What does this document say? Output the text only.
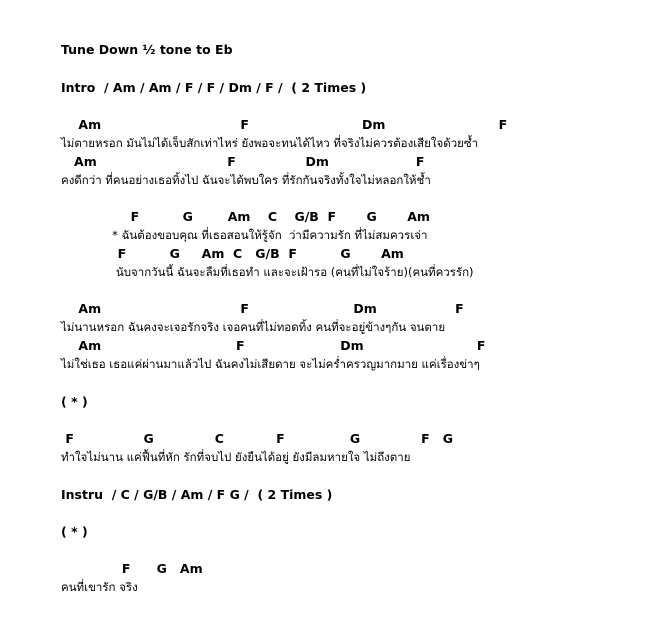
Tune Down ½ tone to Eb
Intro  / Am / Am / F / F / Dm / F /  ( 2 Times )
Am                                F                          Dm                          F
ไม่ตายหรอก มันไม่ได้เจ็บสักเท่าไหร่ ยังพอจะทนได้ไหว ที่จริงไม่ควรต้องเสียใจด้วยซ้ำ
Am                              F                Dm                    F
คงดีกว่า ที่คนอย่างเธอทิ้งไป ฉันจะได้พบใคร ที่รักกันจริงทั้งใจไม่หลอกให้ช้ำ
F          G        Am    C    G/B  F       G       Am
* ฉันต้องขอบคุณ ที่เธอสอนให้รู้จัก  ว่ามีความรัก ที่ไม่สมควรเจ่า
F          G     Am  C   G/B  F          G       Am
นับจากวันนี้ ฉันจะลืมที่เธอทำ และจะเฝ้ารอ (คนที่ไม่ใจร้าย)(คนที่ควรรัก)
Am                                F                        Dm                  F
ไม่นานหรอก ฉันคงจะเจอรักจริง เจอคนที่ไม่ทอดทิ้ง คนที่จะอยู่ข้างๆกัน จนตาย
Am                               F                      Dm                          F
ไม่ใช่เธอ เธอแค่ผ่านมาแล้วไป ฉันคงไม่เสียดาย จะไม่คร่ำครวญมากมาย แค่เรื่องข่าๆ
( * )
F                G              C            F               G              F   G
ทำใจไม่นาน แค่ฟื้นที่หัก รักที่จบไป ยังยืนได้อยู่ ยังมีลมหายใจ ไม่ถึงตาย
Instru  / C / G/B / Am / F G /  ( 2 Times )
( * )
F      G   Am
คนที่เขารัก จริง
